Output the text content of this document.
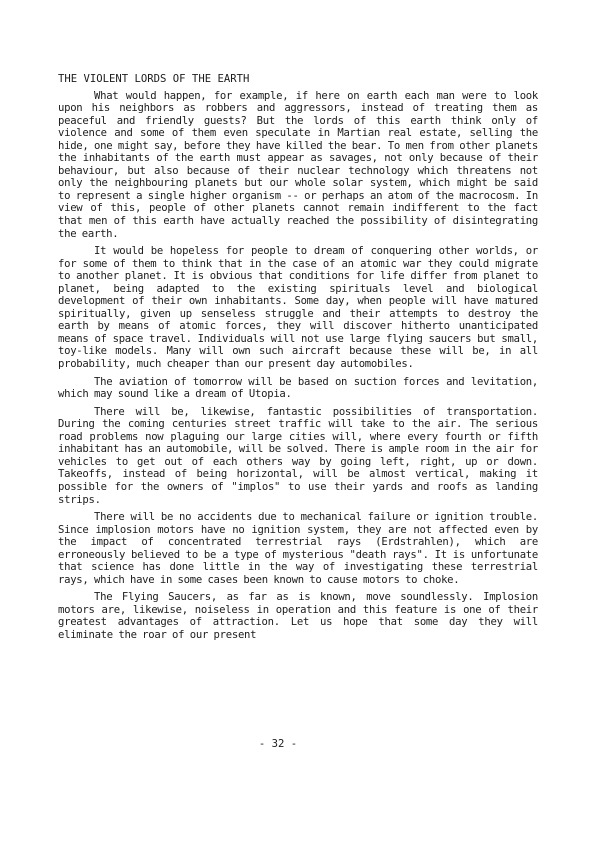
THE VIOLENT LORDS OF THE EARTH

What would happen, for example, if here on earth each man were to look upon his neighbors as robbers and aggressors, instead of treating them as peaceful and friendly guests? But the lords of this earth think only of violence and some of them even speculate in Martian real estate, selling the hide, one might say, before they have killed the bear. To men from other planets the inhabitants of the earth must appear as savages, not only because of their behaviour, but also because of their nuclear technology which threatens not only the neighbouring planets but our whole solar system, which might be said to represent a single higher organism -- or perhaps an atom of the macrocosm. In view of this, people of other planets cannot remain indifferent to the fact that men of this earth have actually reached the possibility of disintegrating the earth.

It would be hopeless for people to dream of conquering other worlds, or for some of them to think that in the case of an atomic war they could migrate to another planet. It is obvious that conditions for life differ from planet to planet, being adapted to the existing spirituals level and biological development of their own inhabitants. Some day, when people will have matured spiritually, given up senseless struggle and their attempts to destroy the earth by means of atomic forces, they will discover hitherto unanticipated means of space travel. Individuals will not use large flying saucers but small, toy-like models. Many will own such aircraft because these will be, in all probability, much cheaper than our present day automobiles.

The aviation of tomorrow will be based on suction forces and levitation, which may sound like a dream of Utopia.

There will be, likewise, fantastic possibilities of transportation. During the coming centuries street traffic will take to the air. The serious road problems now plaguing our large cities will, where every fourth or fifth inhabitant has an automobile, will be solved. There is ample room in the air for vehicles to get out of each others way by going left, right, up or down. Takeoffs, instead of being horizontal, will be almost vertical, making it possible for the owners of "implos" to use their yards and roofs as landing strips.

There will be no accidents due to mechanical failure or ignition trouble. Since implosion motors have no ignition system, they are not affected even by the impact of concentrated terrestrial rays (Erdstrahlen), which are erroneously believed to be a type of mysterious "death rays". It is unfortunate that science has done little in the way of investigating these terrestrial rays, which have in some cases been known to cause motors to choke.

The Flying Saucers, as far as is known, move soundlessly. Implosion motors are, likewise, noiseless in operation and this feature is one of their greatest advantages of attraction. Let us hope that some day they will eliminate the roar of our present

- 32 -
